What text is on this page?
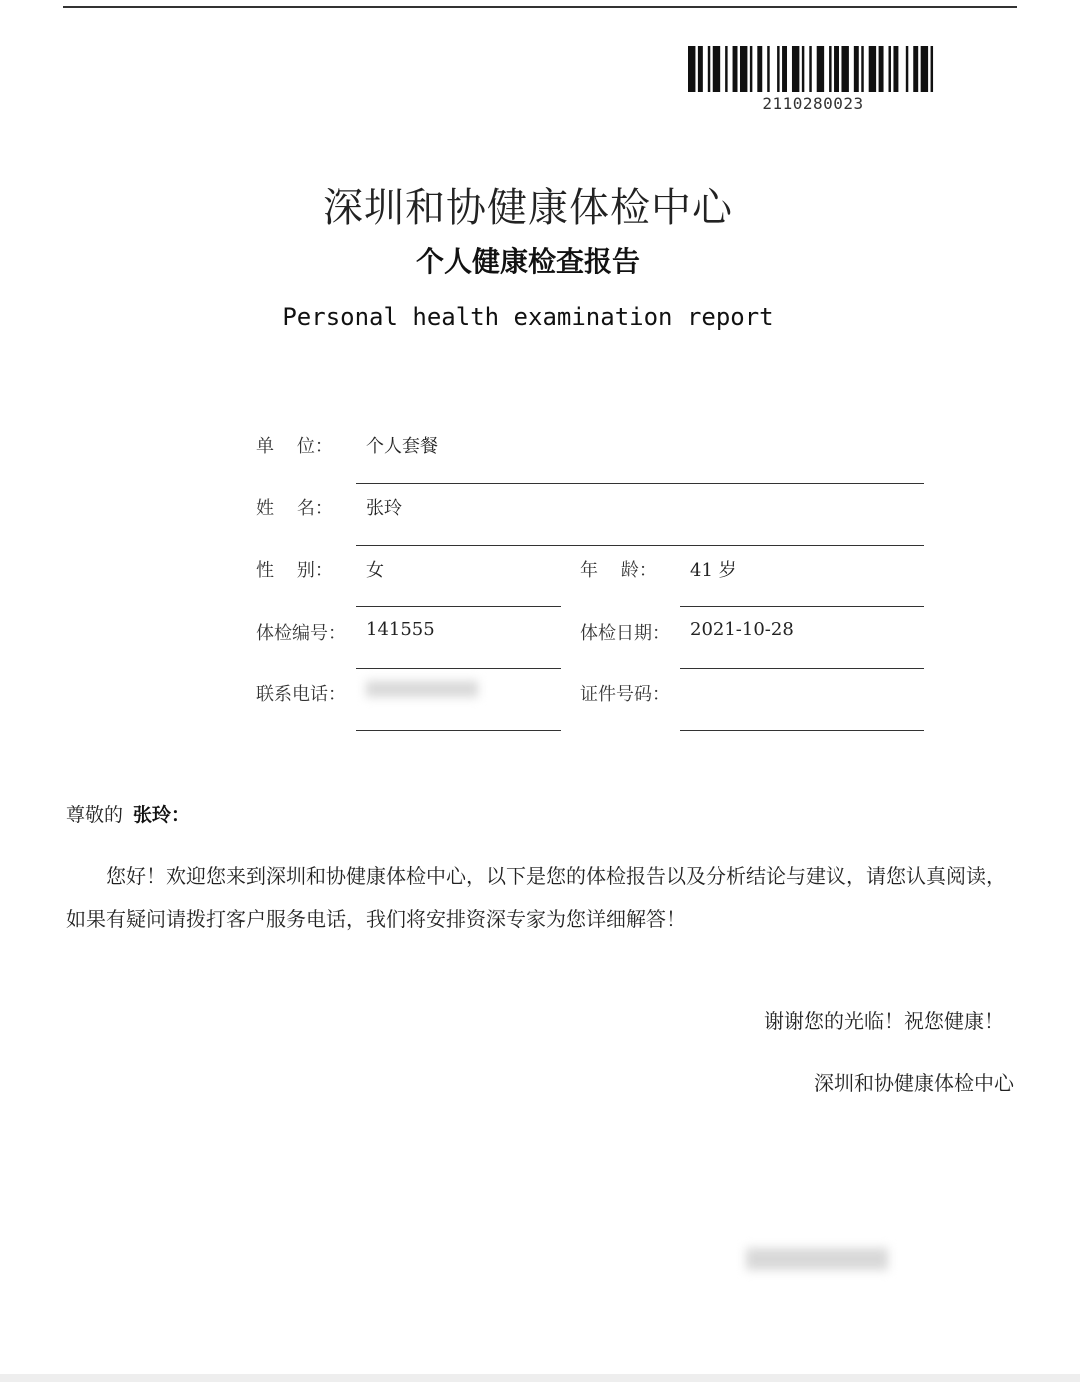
2110280023
深圳和协健康体检中心
个人健康检查报告
Personal health examination report
单    位： 个人套餐
姓    名： 张玲
性    别： 女	年    龄： 41 岁
体检编号： 141555	体检日期： 2021-10-28
联系电话：	证件号码：
尊敬的 张玲：

您好！欢迎您来到深圳和协健康体检中心，以下是您的体检报告以及分析结论与建议，请您认真阅读，如果有疑问请拨打客户服务电话，我们将安排资深专家为您详细解答！

谢谢您的光临！祝您健康！
深圳和协健康体检中心
